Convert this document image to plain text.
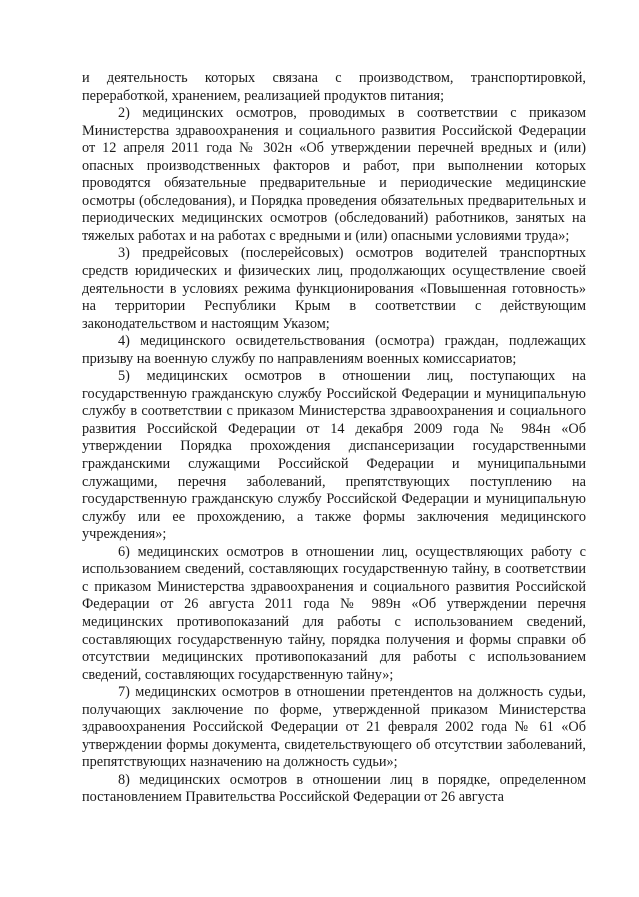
и деятельность которых связана с производством, транспортировкой, переработкой, хранением, реализацией продуктов питания;

2) медицинских осмотров, проводимых в соответствии с приказом Министерства здравоохранения и социального развития Российской Федерации от 12 апреля 2011 года № 302н «Об утверждении перечней вредных и (или) опасных производственных факторов и работ, при выполнении которых проводятся обязательные предварительные и периодические медицинские осмотры (обследования), и Порядка проведения обязательных предварительных и периодических медицинских осмотров (обследований) работников, занятых на тяжелых работах и на работах с вредными и (или) опасными условиями труда»;

3) предрейсовых (послерейсовых) осмотров водителей транспортных средств юридических и физических лиц, продолжающих осуществление своей деятельности в условиях режима функционирования «Повышенная готовность» на территории Республики Крым в соответствии с действующим законодательством и настоящим Указом;

4) медицинского освидетельствования (осмотра) граждан, подлежащих призыву на военную службу по направлениям военных комиссариатов;

5) медицинских осмотров в отношении лиц, поступающих на государственную гражданскую службу Российской Федерации и муниципальную службу в соответствии с приказом Министерства здравоохранения и социального развития Российской Федерации от 14 декабря 2009 года № 984н «Об утверждении Порядка прохождения диспансеризации государственными гражданскими служащими Российской Федерации и муниципальными служащими, перечня заболеваний, препятствующих поступлению на государственную гражданскую службу Российской Федерации и муниципальную службу или ее прохождению, а также формы заключения медицинского учреждения»;

6) медицинских осмотров в отношении лиц, осуществляющих работу с использованием сведений, составляющих государственную тайну, в соответствии с приказом Министерства здравоохранения и социального развития Российской Федерации от 26 августа 2011 года № 989н «Об утверждении перечня медицинских противопоказаний для работы с использованием сведений, составляющих государственную тайну, порядка получения и формы справки об отсутствии медицинских противопоказаний для работы с использованием сведений, составляющих государственную тайну»;

7) медицинских осмотров в отношении претендентов на должность судьи, получающих заключение по форме, утвержденной приказом Министерства здравоохранения Российской Федерации от 21 февраля 2002 года № 61 «Об утверждении формы документа, свидетельствующего об отсутствии заболеваний, препятствующих назначению на должность судьи»;

8) медицинских осмотров в отношении лиц в порядке, определенном постановлением Правительства Российской Федерации от 26 августа
